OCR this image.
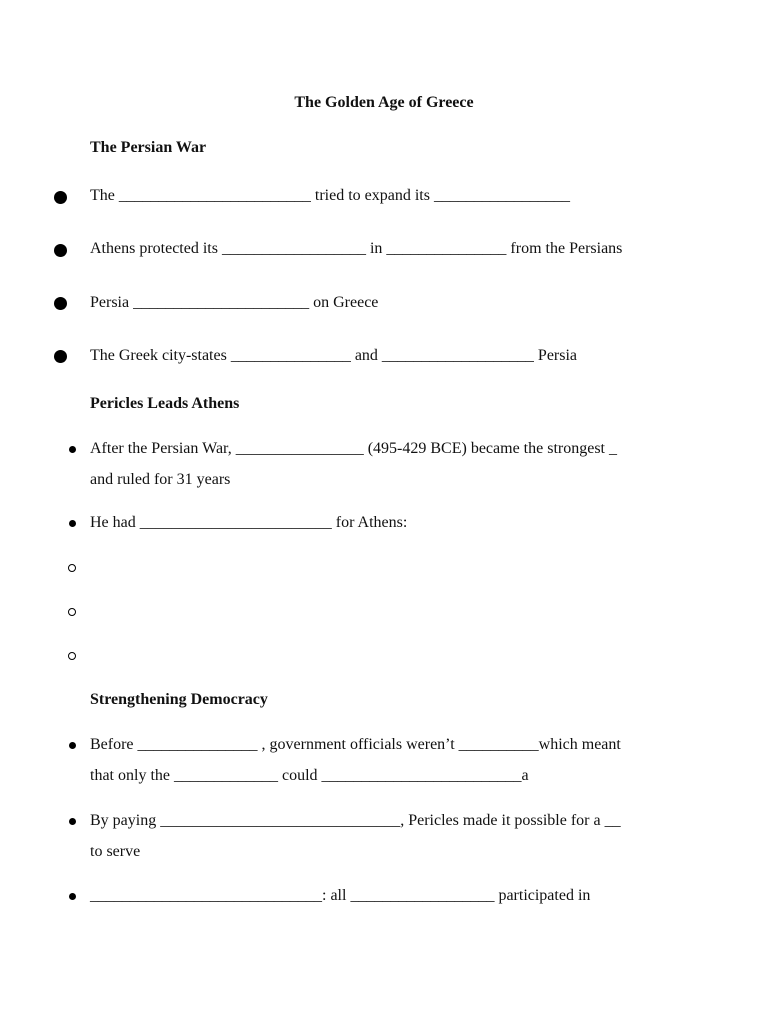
The Golden Age of Greece
The Persian War
The ________________________ tried to expand its _________________
Athens protected its __________________ in _______________ from the Persians
Persia ______________________ on Greece
The Greek city-states _______________ and ___________________ Persia
Pericles Leads Athens
After the Persian War, ________________ (495-429 BCE) became the strongest _
and ruled for 31 years
He had ________________________ for Athens:
Strengthening Democracy
Before _______________ , government officials weren’t __________which meant
that only the _____________ could _________________________a
By paying ______________________________, Pericles made it possible for a __
to serve
_____________________________: all __________________ participated in
